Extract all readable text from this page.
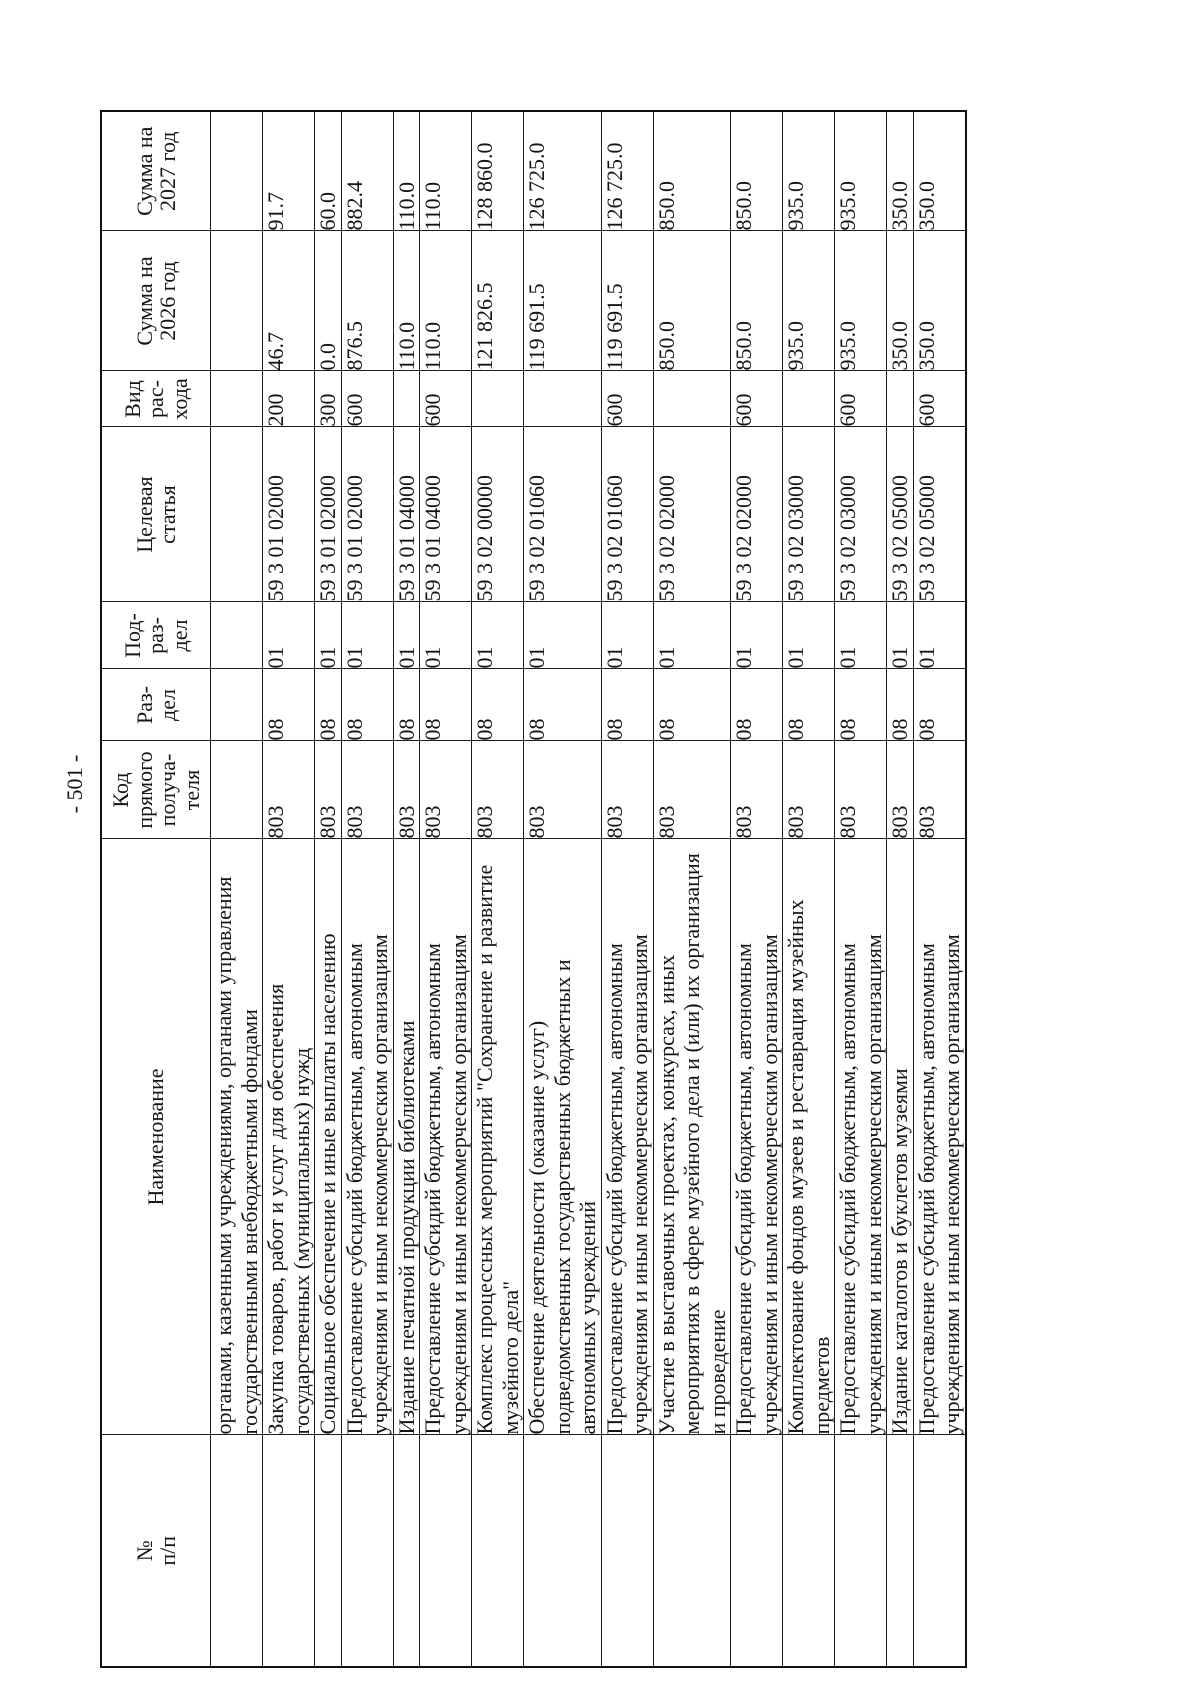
- 501 -
№
п/п	Наименование	Код
прямого
получа-
теля	Раз-
дел	Под-
раз-
дел	Целевая
статья	Вид
рас-
хода	Сумма на
2026 год	Сумма на
2027 год

	органами, казенными учреждениями, органами управления государственными внебюджетными фондами							

	Закупка товаров, работ и услуг для обеспечения государственных (муниципальных) нужд	803	08	01	59 3 01 02000	200	46.7	91.7

	Социальное обеспечение и иные выплаты населению	803	08	01	59 3 01 02000	300	0.0	60.0

	Предоставление субсидий бюджетным, автономным учреждениям и иным некоммерческим организациям	803	08	01	59 3 01 02000	600	876.5	882.4

	Издание печатной продукции библиотеками	803	08	01	59 3 01 04000		110.0	110.0

	Предоставление субсидий бюджетным, автономным учреждениям и иным некоммерческим организациям	803	08	01	59 3 01 04000	600	110.0	110.0

	Комплекс процессных мероприятий "Сохранение и развитие музейного дела"	803	08	01	59 3 02 00000		121 826.5	128 860.0

	Обеспечение деятельности (оказание услуг) подведомственных государственных бюджетных и автономных учреждений	803	08	01	59 3 02 01060		119 691.5	126 725.0

	Предоставление субсидий бюджетным, автономным учреждениям и иным некоммерческим организациям	803	08	01	59 3 02 01060	600	119 691.5	126 725.0

	Участие в выставочных проектах, конкурсах, иных мероприятиях в сфере музейного дела и (или) их организация и проведение	803	08	01	59 3 02 02000		850.0	850.0

	Предоставление субсидий бюджетным, автономным учреждениям и иным некоммерческим организациям	803	08	01	59 3 02 02000	600	850.0	850.0

	Комплектование фондов музеев и реставрация музейных предметов	803	08	01	59 3 02 03000		935.0	935.0

	Предоставление субсидий бюджетным, автономным учреждениям и иным некоммерческим организациям	803	08	01	59 3 02 03000	600	935.0	935.0

	Издание каталогов и буклетов музеями	803	08	01	59 3 02 05000		350.0	350.0

	Предоставление субсидий бюджетным, автономным учреждениям и иным некоммерческим организациям	803	08	01	59 3 02 05000	600	350.0	350.0
